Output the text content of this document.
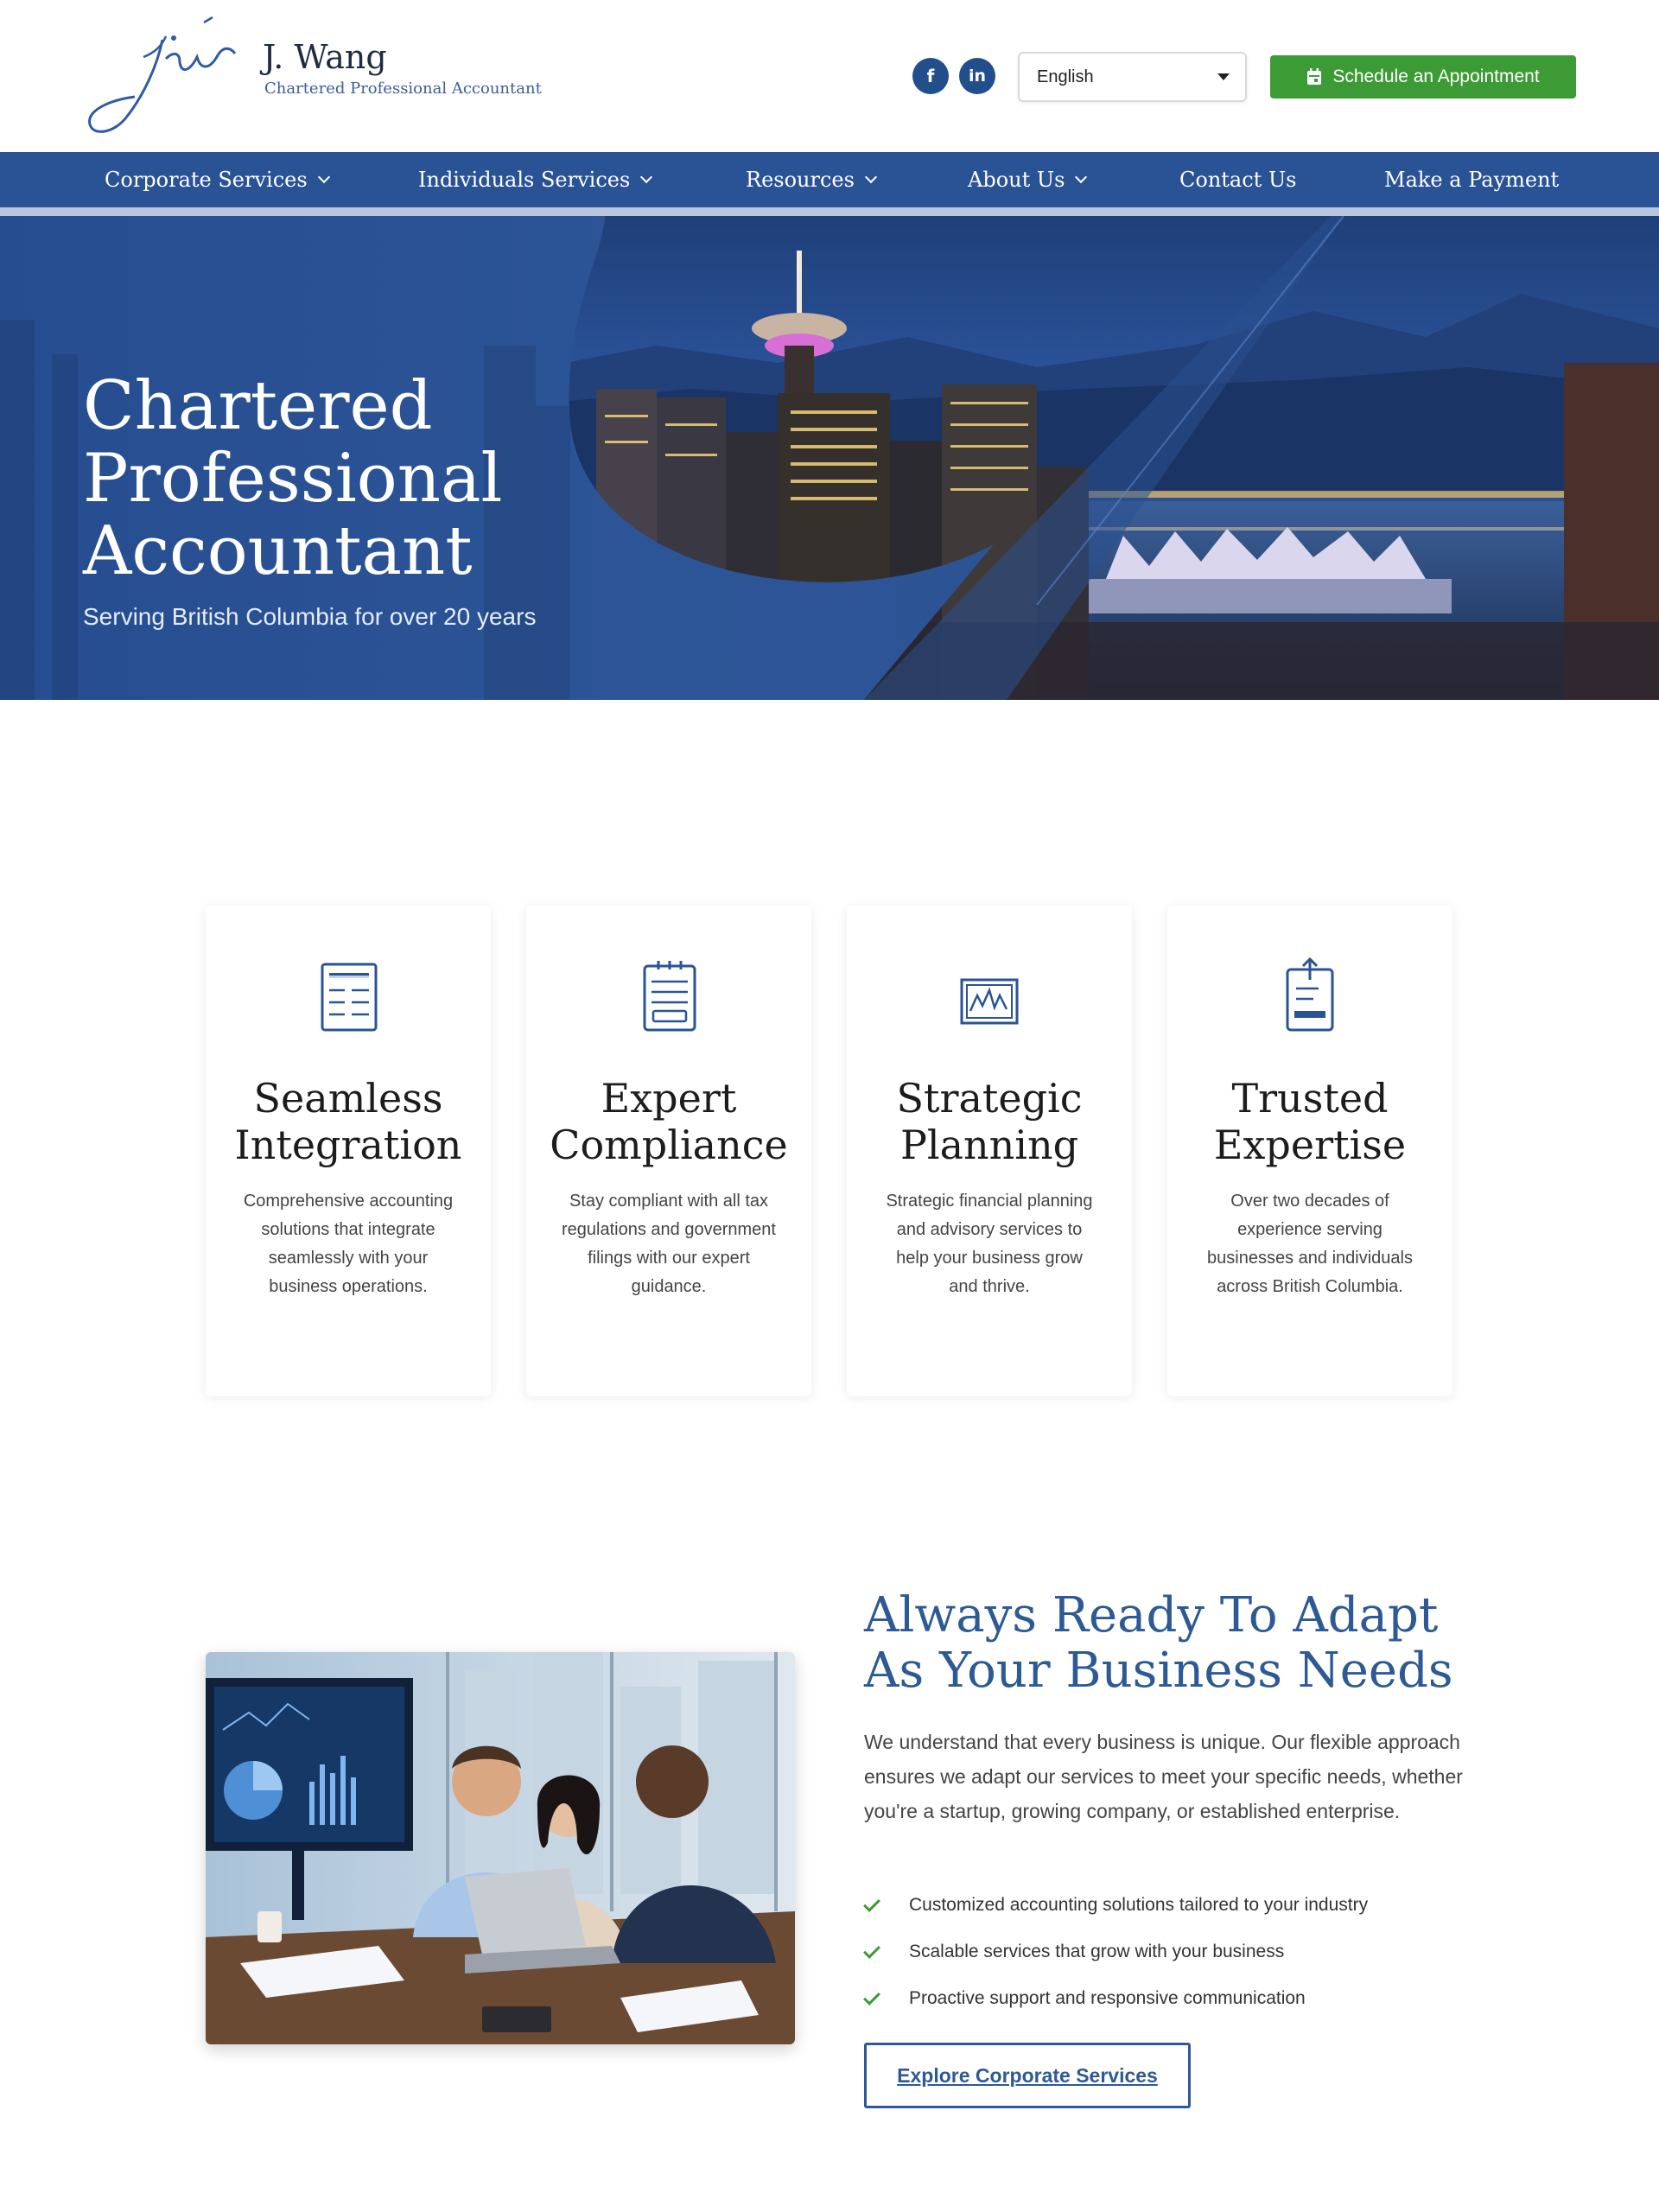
J. Wang
Chartered Professional Accountant
f	in	English	Schedule an Appointment
Corporate Services	Individuals Services	Resources	About Us	Contact Us	Make a Payment
Chartered Professional Accountant
Serving British Columbia for over 20 years
Seamless Integration
Comprehensive accounting solutions that integrate seamlessly with your business operations.
Expert Compliance
Stay compliant with all tax regulations and government filings with our expert guidance.
Strategic Planning
Strategic financial planning and advisory services to help your business grow and thrive.
Trusted Expertise
Over two decades of experience serving businesses and individuals across British Columbia.
Always Ready To Adapt As Your Business Needs
We understand that every business is unique. Our flexible approach ensures we adapt our services to meet your specific needs, whether you're a startup, growing company, or established enterprise.
Customized accounting solutions tailored to your industry
Scalable services that grow with your business
Proactive support and responsive communication
Explore Corporate Services
